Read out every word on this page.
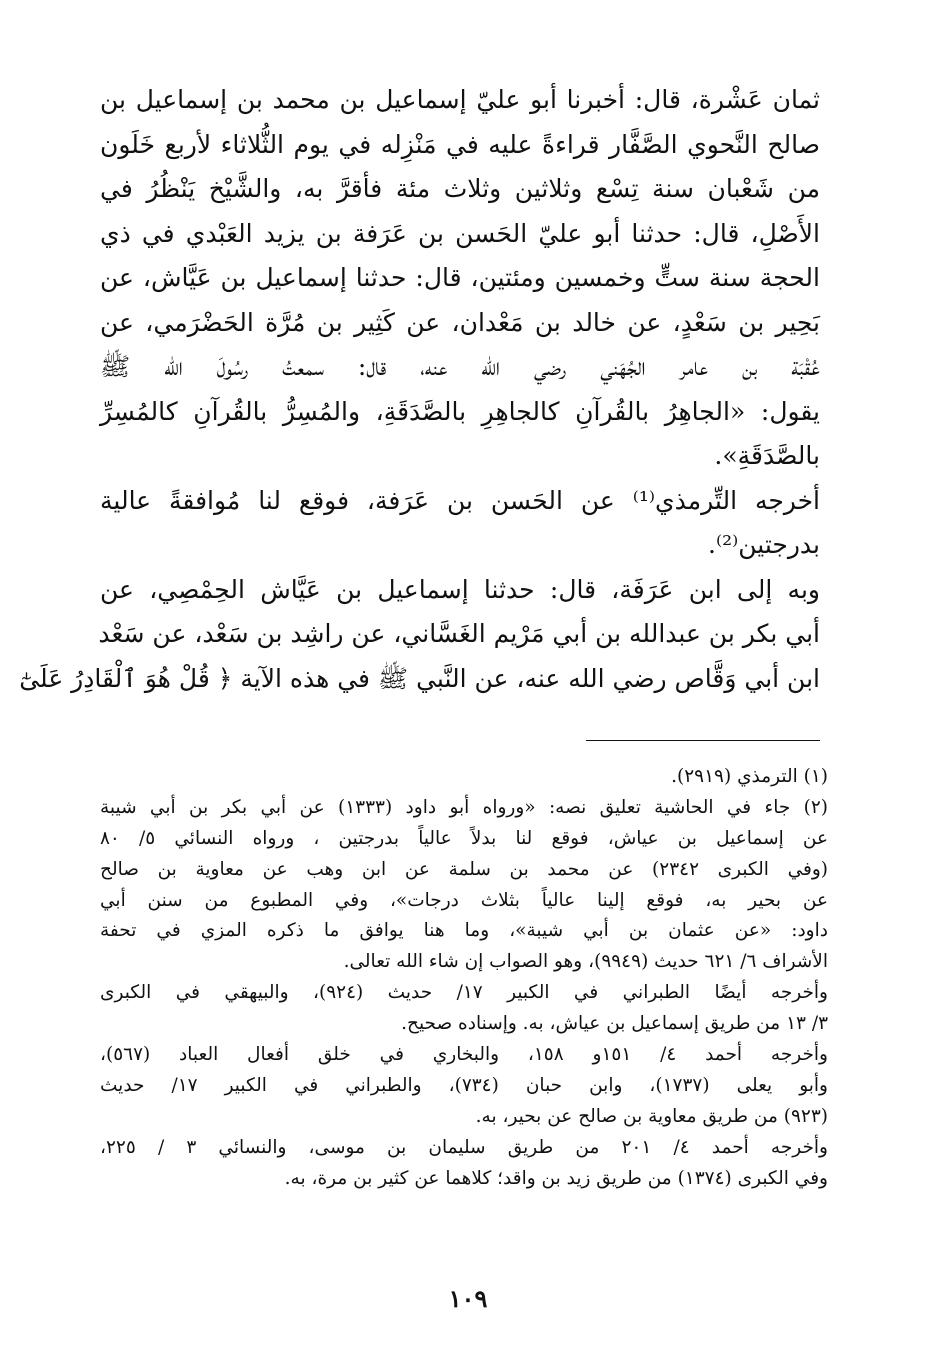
ثمان عَشْرة، قال: أخبرنا أبو عليّ إسماعيل بن محمد بن إسماعيل بن
صالح النَّحوي الصَّفَّار قراءةً عليه في مَنْزِله في يوم الثُّلاثاء لأربع خَلَون
من شَعْبان سنة تِسْع وثلاثين وثلاث مئة فأقرَّ به، والشَّيْخ يَنْظُرُ في
الأَصْلِ، قال: حدثنا أبو عليّ الحَسن بن عَرَفة بن يزيد العَبْدي في ذي
الحجة سنة ستٍّ وخمسين ومئتين، قال: حدثنا إسماعيل بن عَيَّاش، عن
بَحِير بن سَعْدٍ، عن خالد بن مَعْدان، عن كَثِير بن مُرَّة الحَضْرَمي، عن
عُقْبَة بن عامر الجُهَني رضي الله عنه، قال: سمعتُ رسُولَ الله ﷺ
يقول: «الجاهِرُ بالقُرآنِ كالجاهِرِ بالصَّدَقَةِ، والمُسِرُّ بالقُرآنِ كالمُسِرِّ
بالصَّدَقَةِ».
أخرجه التِّرمذي⁽¹⁾ عن الحَسن بن عَرَفة، فوقع لنا مُوافقةً عالية
بدرجتين⁽²⁾.
وبه إلى ابن عَرَفَة، قال: حدثنا إسماعيل بن عَيَّاش الحِمْصِي، عن
أبي بكر بن عبدالله بن أبي مَرْيم الغَسَّاني، عن راشِد بن سَعْد، عن سَعْد
ابن أبي وَقَّاص رضي الله عنه، عن النَّبي ﷺ في هذه الآية ﴿ قُلْ هُوَ ٱلْقَادِرُ عَلَىٰٓ
(١) الترمذي (٢٩١٩).
(٢) جاء في الحاشية تعليق نصه: «ورواه أبو داود (١٣٣٣) عن أبي بكر بن أبي شيبة
عن إسماعيل بن عياش، فوقع لنا بدلاً عالياً بدرجتين ، ورواه النسائي ٥/ ٨٠
(وفي الكبرى ٢٣٤٢) عن محمد بن سلمة عن ابن وهب عن معاوية بن صالح
عن بحير به، فوقع إلينا عالياً بثلاث درجات»، وفي المطبوع من سنن أبي
داود: «عن عثمان بن أبي شيبة»، وما هنا يوافق ما ذكره المزي في تحفة
الأشراف ٦/ ٦٢١ حديث (٩٩٤٩)، وهو الصواب إن شاء الله تعالى.
وأخرجه أيضًا الطبراني في الكبير ١٧/ حديث (٩٢٤)، والبيهقي في الكبرى
٣/ ١٣ من طريق إسماعيل بن عياش، به. وإسناده صحيح.
وأخرجه أحمد ٤/ ١٥١و ١٥٨، والبخاري في خلق أفعال العباد (٥٦٧)،
وأبو يعلى (١٧٣٧)، وابن حبان (٧٣٤)، والطبراني في الكبير ١٧/ حديث
(٩٢٣) من طريق معاوية بن صالح عن بحير، به.
وأخرجه أحمد ٤/ ٢٠١ من طريق سليمان بن موسى، والنسائي ٣ / ٢٢٥،
وفي الكبرى (١٣٧٤) من طريق زيد بن واقد؛ كلاهما عن كثير بن مرة، به.
١٠٩
